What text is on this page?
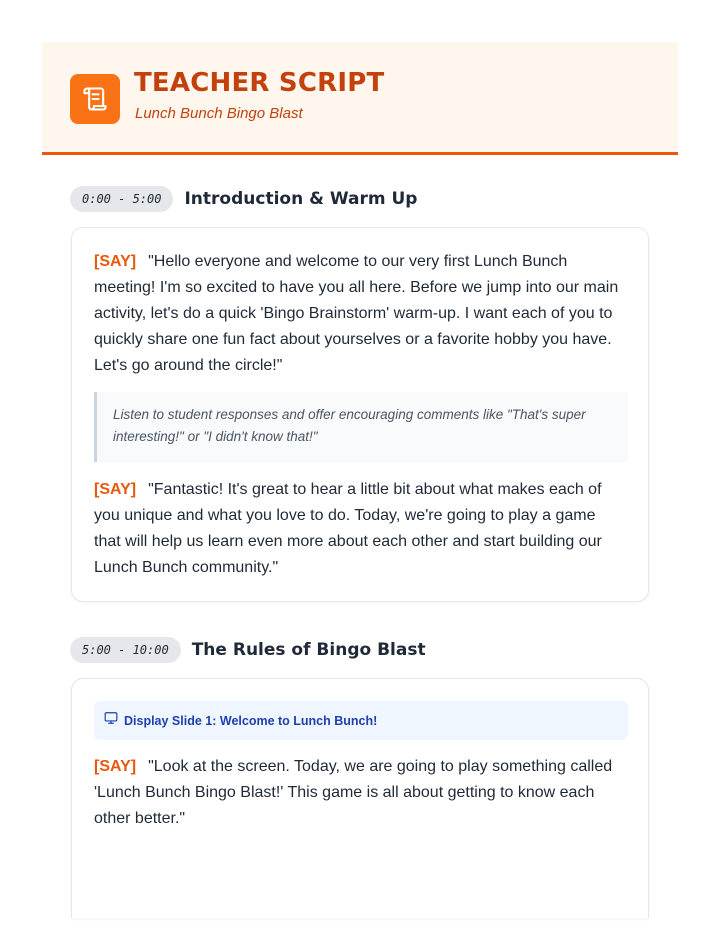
TEACHER SCRIPT
Lunch Bunch Bingo Blast
0:00 - 5:00	Introduction & Warm Up
[SAY] "Hello everyone and welcome to our very first Lunch Bunch meeting! I'm so excited to have you all here. Before we jump into our main activity, let's do a quick 'Bingo Brainstorm' warm-up. I want each of you to quickly share one fun fact about yourselves or a favorite hobby you have. Let's go around the circle!"
Listen to student responses and offer encouraging comments like "That's super interesting!" or "I didn't know that!"
[SAY] "Fantastic! It's great to hear a little bit about what makes each of you unique and what you love to do. Today, we're going to play a game that will help us learn even more about each other and start building our Lunch Bunch community."
5:00 - 10:00	The Rules of Bingo Blast
Display Slide 1: Welcome to Lunch Bunch!
[SAY] "Look at the screen. Today, we are going to play something called 'Lunch Bunch Bingo Blast!' This game is all about getting to know each other better."
